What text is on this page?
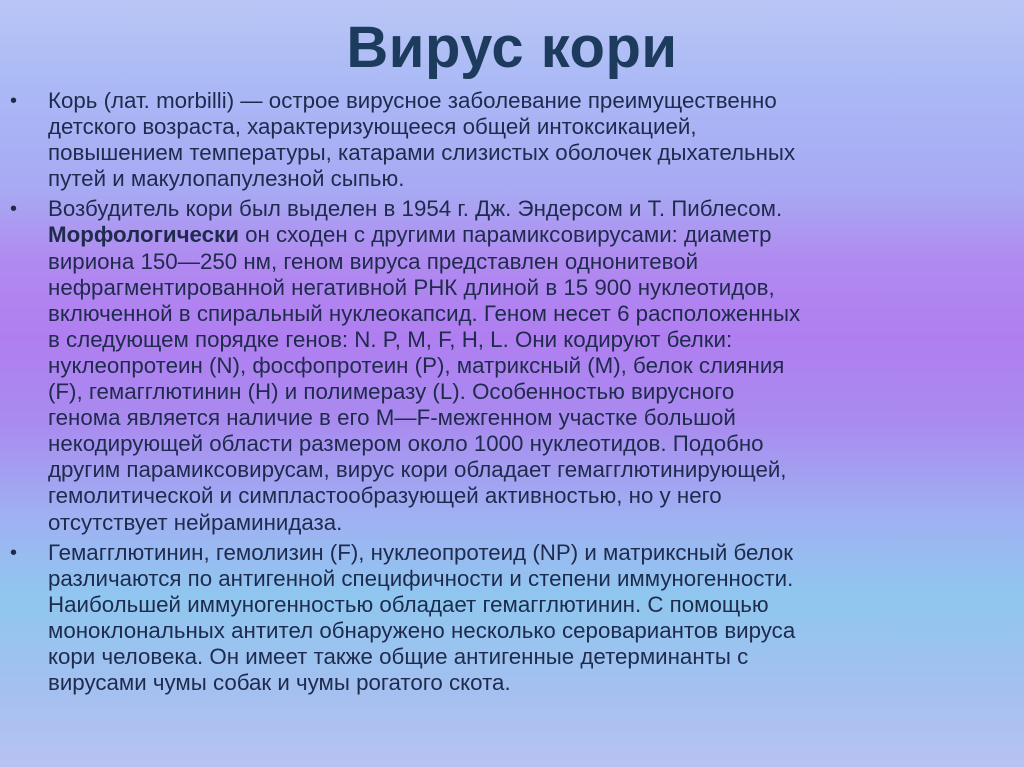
Вирус кори
•	Корь (лат. morbilli) — острое вирусное заболевание преимущественно
детского возраста, характеризующееся общей интоксикацией,
повышением температуры, катарами слизистых оболочек дыхательных
путей и макулопапулезной сыпью.
•	Возбудитель кори был выделен в 1954 г. Дж. Эндерсом и Т. Пиблесом.
Морфологически он сходен с другими парамиксовирусами: диаметр
вириона 150—250 нм, геном вируса представлен однонитевой
нефрагментированной негативной РНК длиной в 15 900 нуклеотидов,
включенной в спиральный нуклеокапсид. Геном несет 6 расположенных
в следующем порядке генов: N. P, M, F, H, L. Они кодируют белки:
нуклеопротеин (N), фосфопротеин (P), матриксный (M), белок слияния
(F), гемагглютинин (H) и полимеразу (L). Особенностью вирусного
генома является наличие в его M—F-межгенном участке большой
некодирующей области размером около 1000 нуклеотидов. Подобно
другим парамиксовирусам, вирус кори обладает гемагглютинирующей,
гемолитической и симпластообразующей активностью, но у него
отсутствует нейраминидаза.
•	Гемагглютинин, гемолизин (F), нуклеопротеид (NP) и матриксный белок
различаются по антигенной специфичности и степени иммуногенности.
Наибольшей иммуногенностью обладает гемагглютинин. С помощью
моноклональных антител обнаружено несколько серовариантов вируса
кори человека. Он имеет также общие антигенные детерминанты с
вирусами чумы собак и чумы рогатого скота.
